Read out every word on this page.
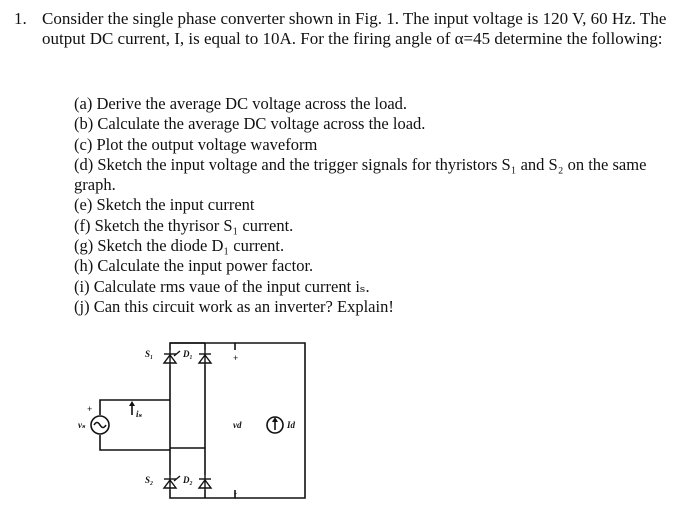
1. Consider the single phase converter shown in Fig. 1. The input voltage is 120 V, 60 Hz. The output DC current, I, is equal to 10A. For the firing angle of α=45 determine the following:
(a) Derive the average DC voltage across the load.
(b) Calculate the average DC voltage across the load.
(c) Plot the output voltage waveform
(d) Sketch the input voltage and the trigger signals for thyristors S₁ and S₂ on the same graph.
(e) Sketch the input current
(f) Sketch the thyrisor S₁ current.
(g) Sketch the diode D₁ current.
(h) Calculate the input power factor.
(i) Calculate rms vaue of the input current iₛ.
(j) Can this circuit work as an inverter? Explain!
S₁	D₁
S₂	D₂
vₛ
iₛ
vd	Id
+
+
-
